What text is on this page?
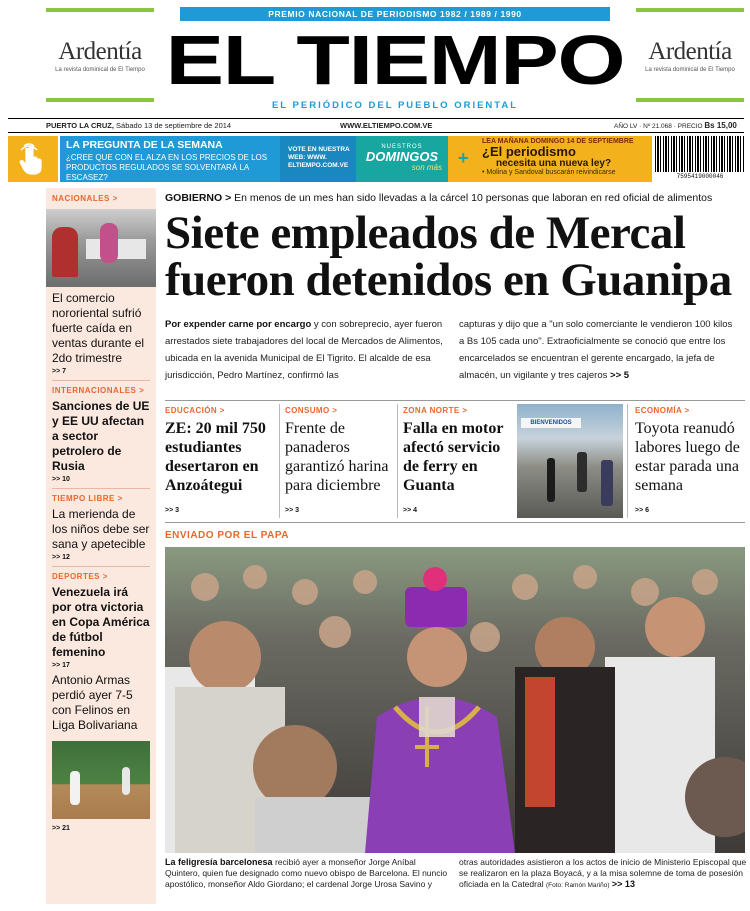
Ardentía
La revista dominical de El Tiempo
PREMIO NACIONAL DE PERIODISMO 1982 / 1989 / 1990
EL TIEMPO
EL PERIÓDICO DEL PUEBLO ORIENTAL
Ardentía
La revista dominical de El Tiempo
PUERTO LA CRUZ, Sábado 13 de septiembre de 2014	WWW.ELTIEMPO.COM.VE	AÑO LV · Nº 21.068 · PRECIO Bs 15,00
LA PREGUNTA DE LA SEMANA
¿CREE QUE CON EL ALZA EN LOS PRECIOS DE LOS PRODUCTOS REGULADOS SE SOLVENTARÁ LA ESCASEZ?
VOTE EN NUESTRA WEB: WWW. ELTIEMPO.COM.VE
NUESTROS
DOMINGOS
son más +
LEA MAÑANA DOMINGO 14 DE SEPTIEMBRE
¿El periodismo
necesita una nueva ley?
• Molina y Sandoval buscarán reivindicarse
7595419000046
NACIONALES >
El comercio nororiental sufrió fuerte caída en ventas durante el 2do trimestre
>> 7
INTERNACIONALES >
Sanciones de UE y EE UU afectan a sector petrolero de Rusia
>> 10
TIEMPO LIBRE >
La merienda de los niños debe ser sana y apetecible
>> 12
DEPORTES >
Venezuela irá por otra victoria en Copa América de fútbol femenino
>> 17
Antonio Armas perdió ayer 7-5 con Felinos en Liga Bolivariana
>> 21
GOBIERNO > En menos de un mes han sido llevadas a la cárcel 10 personas que laboran en red oficial de alimentos
Siete empleados de Mercal fueron detenidos en Guanipa
Por expender carne por encargo y con sobreprecio, ayer fueron arrestados siete trabajadores del local de Mercados de Alimentos, ubicada en la avenida Municipal de El Tigrito. El alcalde de esa jurisdicción, Pedro Martínez, confirmó las
capturas y dijo que a "un solo comerciante le vendieron 100 kilos a Bs 105 cada uno". Extraoficialmente se conoció que entre los encarcelados se encuentran el gerente encargado, la jefa de almacén, un vigilante y tres cajeros >> 5
EDUCACIÓN >
ZE: 20 mil 750 estudiantes desertaron en Anzoátegui
>> 3
CONSUMO >
Frente de panaderos garantizó harina para diciembre
>> 3
ZONA NORTE >
Falla en motor afectó servicio de ferry en Guanta
>> 4
BIENVENIDOS
ECONOMÍA >
Toyota reanudó labores luego de estar parada una semana
>> 6
ENVIADO POR EL PAPA
La feligresía barcelonesa recibió ayer a monseñor Jorge Aníbal Quintero, quien fue designado como nuevo obispo de Barcelona. El nuncio apostólico, monseñor Aldo Giordano; el cardenal Jorge Urosa Savino y
otras autoridades asistieron a los actos de inicio de Ministerio Episcopal que se realizaron en la plaza Boyacá, y a la misa solemne de toma de posesión oficiada en la Catedral (Foto: Ramón Mariño) >> 13
